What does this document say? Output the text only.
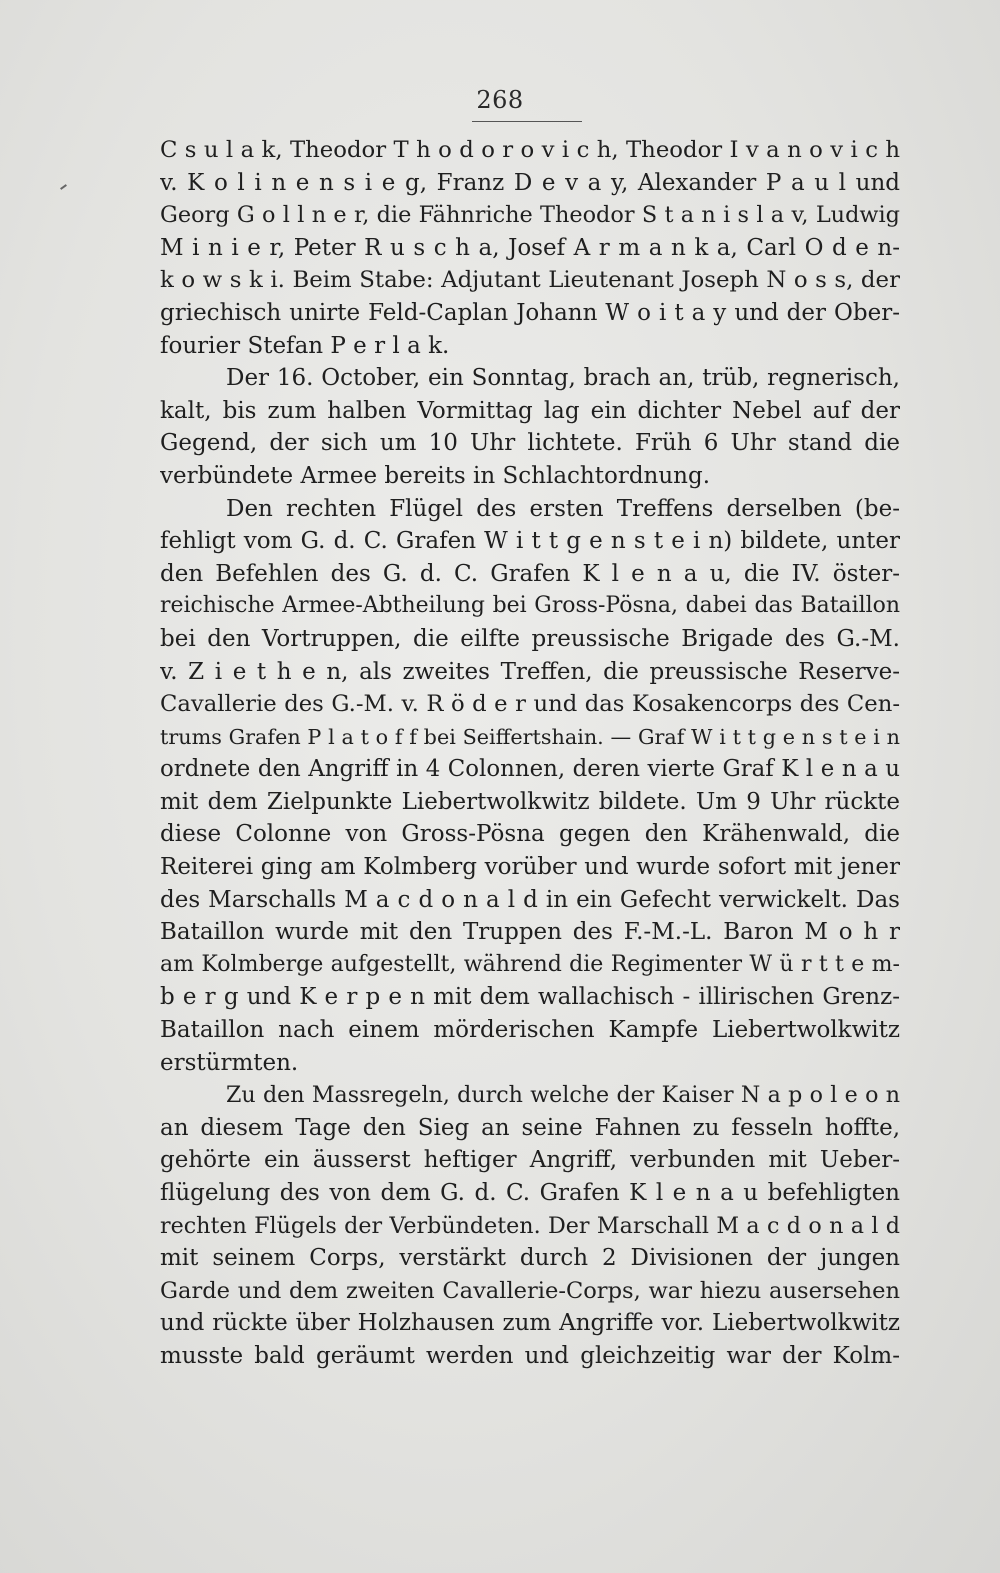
268
C s u l a k, Theodor T h o d o r o v i c h, Theodor I v a n o v i c h
v. K o l i n e n s i e g, Franz D e v a y, Alexander P a u l und
Georg G o l l n e r, die Fähnriche Theodor S t a n i s l a v, Ludwig
M i n i e r, Peter R u s c h a, Josef A r m a n k a, Carl O d e n-
k o w s k i. Beim Stabe: Adjutant Lieutenant Joseph N o s s, der
griechisch unirte Feld-Caplan Johann W o i t a y und der Ober-
fourier Stefan P e r l a k.
Der 16. October, ein Sonntag, brach an, trüb, regnerisch,
kalt, bis zum halben Vormittag lag ein dichter Nebel auf der
Gegend, der sich um 10 Uhr lichtete. Früh 6 Uhr stand die
verbündete Armee bereits in Schlachtordnung.
Den rechten Flügel des ersten Treffens derselben (be-
fehligt vom G. d. C. Grafen W i t t g e n s t e i n) bildete, unter
den Befehlen des G. d. C. Grafen K l e n a u, die IV. öster-
reichische Armee-Abtheilung bei Gross-Pösna, dabei das Bataillon
bei den Vortruppen, die eilfte preussische Brigade des G.-M.
v. Z i e t h e n, als zweites Treffen, die preussische Reserve-
Cavallerie des G.-M. v. R ö d e r und das Kosakencorps des Cen-
trums Grafen P l a t o f f bei Seiffertshain. — Graf W i t t g e n s t e i n
ordnete den Angriff in 4 Colonnen, deren vierte Graf K l e n a u
mit dem Zielpunkte Liebertwolkwitz bildete. Um 9 Uhr rückte
diese Colonne von Gross-Pösna gegen den Krähenwald, die
Reiterei ging am Kolmberg vorüber und wurde sofort mit jener
des Marschalls M a c d o n a l d in ein Gefecht verwickelt. Das
Bataillon wurde mit den Truppen des F.-M.-L. Baron M o h r
am Kolmberge aufgestellt, während die Regimenter W ü r t t e m-
b e r g und K e r p e n mit dem wallachisch - illirischen Grenz-
Bataillon nach einem mörderischen Kampfe Liebertwolkwitz
erstürmten.
Zu den Massregeln, durch welche der Kaiser N a p o l e o n
an diesem Tage den Sieg an seine Fahnen zu fesseln hoffte,
gehörte ein äusserst heftiger Angriff, verbunden mit Ueber-
flügelung des von dem G. d. C. Grafen K l e n a u befehligten
rechten Flügels der Verbündeten. Der Marschall M a c d o n a l d
mit seinem Corps, verstärkt durch 2 Divisionen der jungen
Garde und dem zweiten Cavallerie-Corps, war hiezu ausersehen
und rückte über Holzhausen zum Angriffe vor. Liebertwolkwitz
musste bald geräumt werden und gleichzeitig war der Kolm-
